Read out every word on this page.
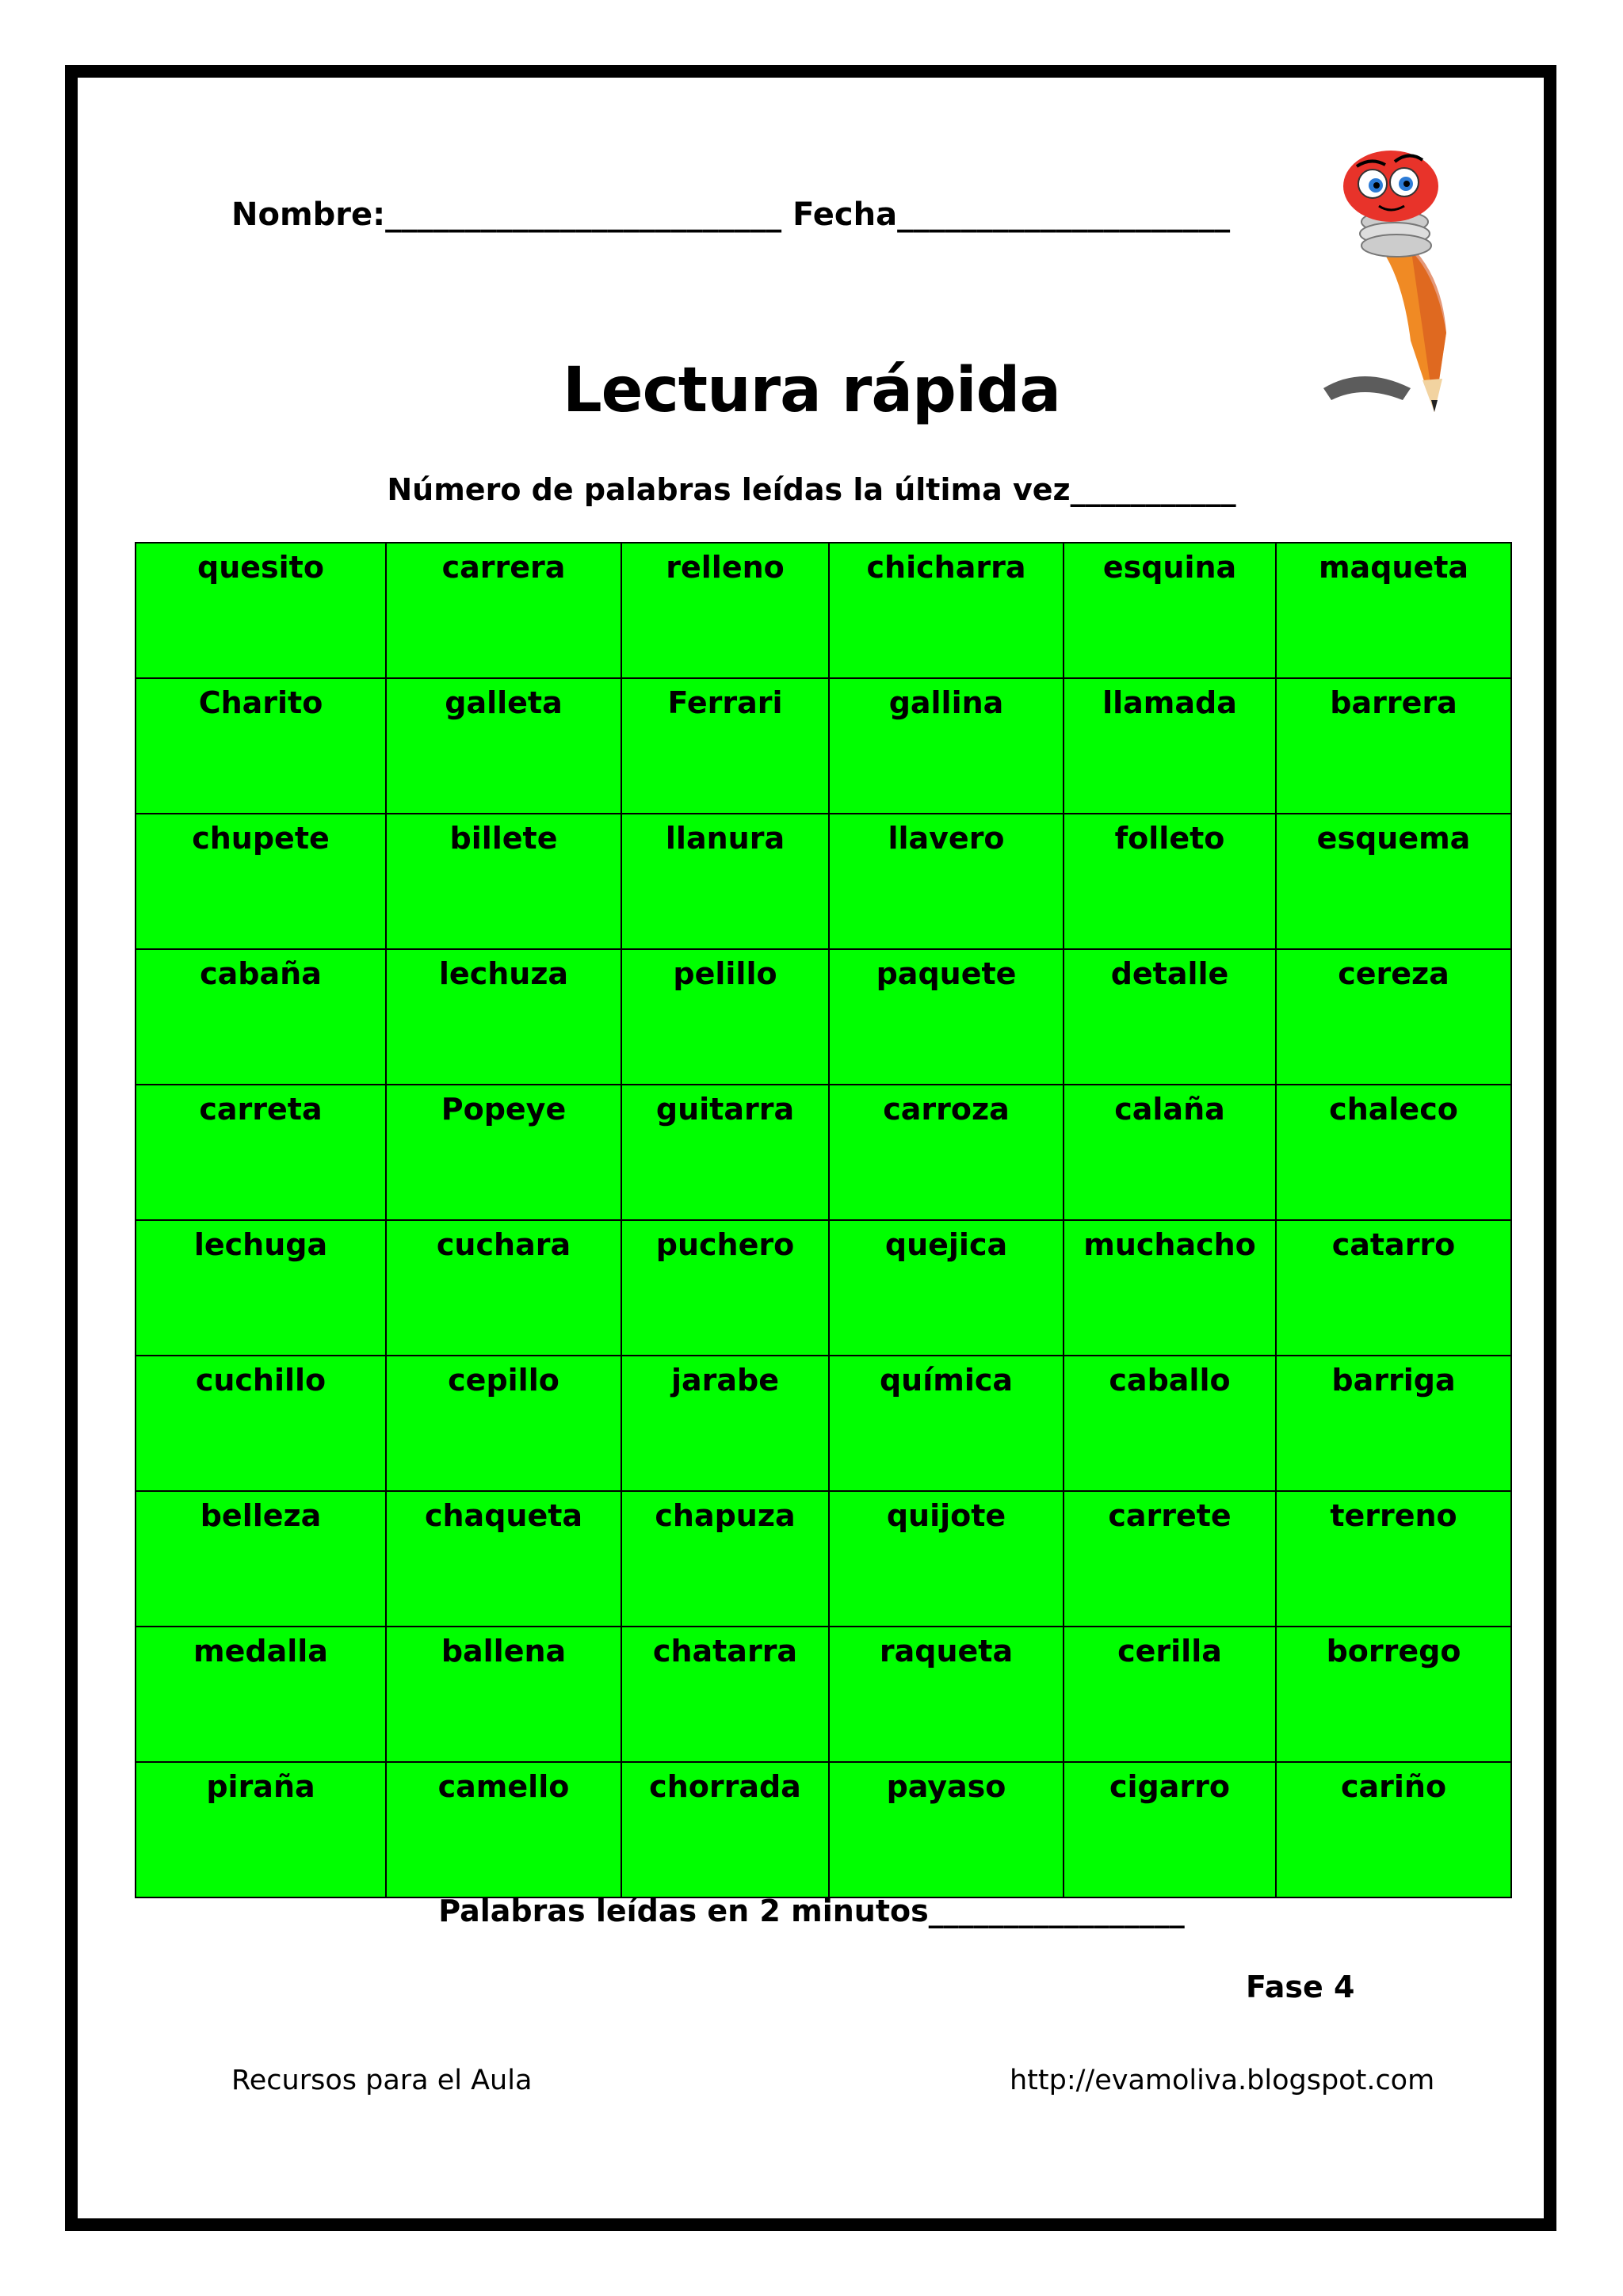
Nombre:_________________________ Fecha_____________________
Lectura rápida
Número de palabras leídas la última vez___________
quesito	carrera	relleno	chicharra	esquina	maqueta
Charito	galleta	Ferrari	gallina	llamada	barrera
chupete	billete	llanura	llavero	folleto	esquema
cabaña	lechuza	pelillo	paquete	detalle	cereza
carreta	Popeye	guitarra	carroza	calaña	chaleco
lechuga	cuchara	puchero	quejica	muchacho	catarro
cuchillo	cepillo	jarabe	química	caballo	barriga
belleza	chaqueta	chapuza	quijote	carrete	terreno
medalla	ballena	chatarra	raqueta	cerilla	borrego
piraña	camello	chorrada	payaso	cigarro	cariño
Palabras leídas en 2 minutos_________________
Fase 4
Recursos para el Aula	http://evamoliva.blogspot.com
